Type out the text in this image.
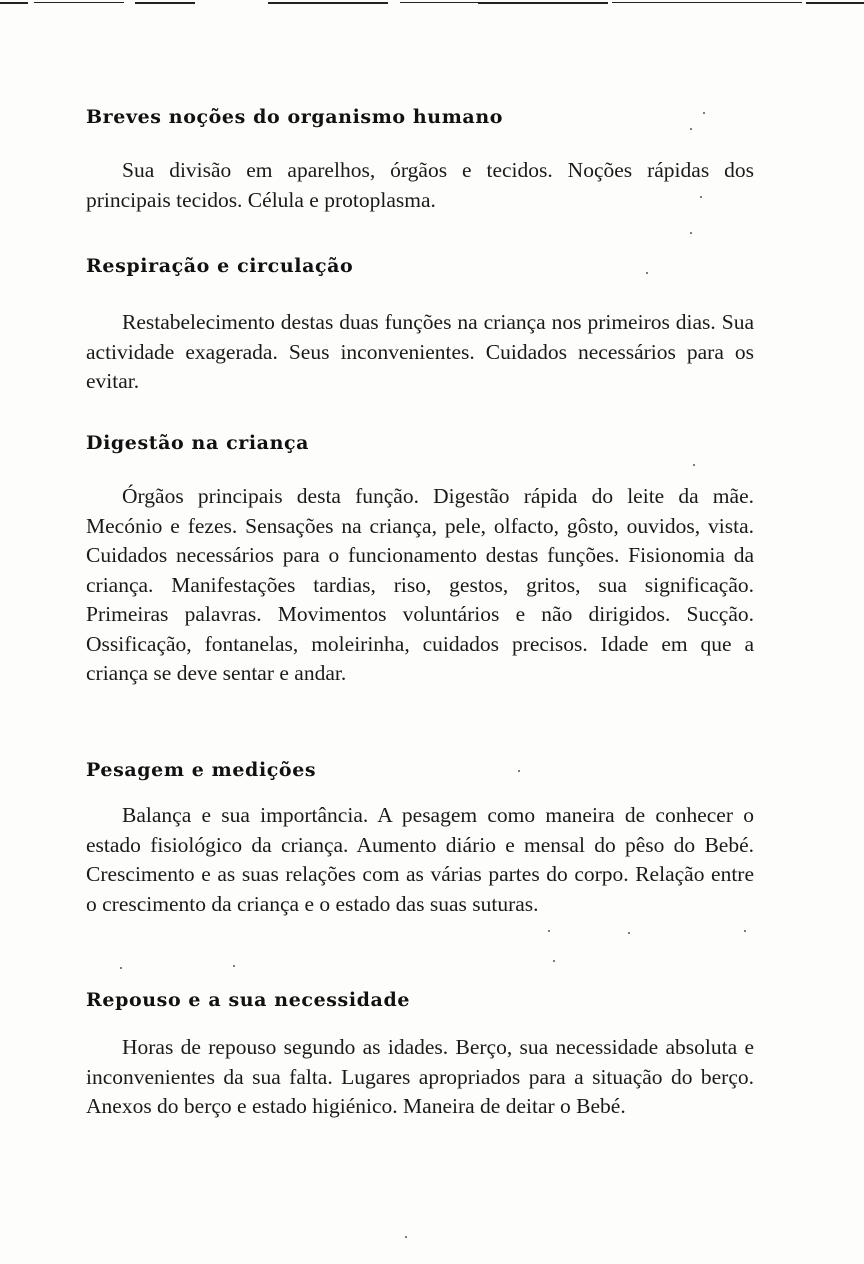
Breves noções do organismo humano

Sua divisão em aparelhos, órgãos e tecidos. Noções rápidas dos principais tecidos. Célula e protoplasma.

Respiração e circulação

Restabelecimento destas duas funções na criança nos primeiros dias. Sua actividade exagerada. Seus inconvenientes. Cuidados necessários para os evitar.

Digestão na criança

Órgãos principais desta função. Digestão rápida do leite da mãe. Mecónio e fezes. Sensações na criança, pele, olfacto, gôsto, ouvidos, vista. Cuidados necessários para o funcionamento destas funções. Fisionomia da criança. Manifestações tardias, riso, gestos, gritos, sua significação. Primeiras palavras. Movimentos voluntários e não dirigidos. Sucção. Ossificação, fontanelas, moleirinha, cuidados precisos. Idade em que a criança se deve sentar e andar.

Pesagem e medições

Balança e sua importância. A pesagem como maneira de conhecer o estado fisiológico da criança. Aumento diário e mensal do pêso do Bebé. Crescimento e as suas relações com as várias partes do corpo. Relação entre o crescimento da criança e o estado das suas suturas.

Repouso e a sua necessidade

Horas de repouso segundo as idades. Berço, sua necessidade absoluta e inconvenientes da sua falta. Lugares apropriados para a situação do berço. Anexos do berço e estado higiénico. Maneira de deitar o Bebé.
